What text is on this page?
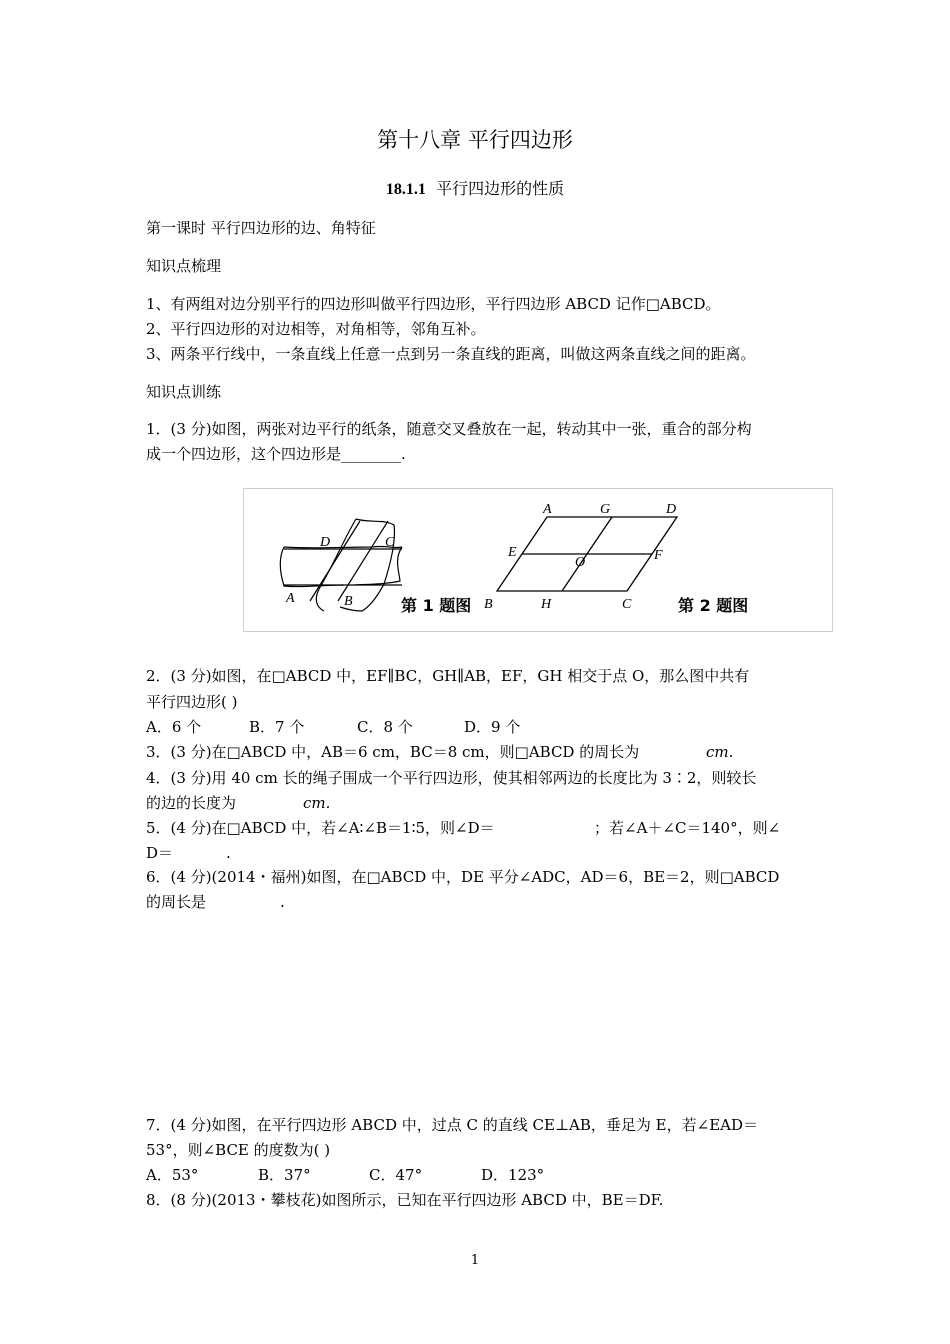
第十八章 平行四边形
18.1.1 平行四边形的性质
第一课时 平行四边形的边、角特征
知识点梳理
1、有两组对边分别平行的四边形叫做平行四边形，平行四边形 ABCD 记作□ABCD。
2、平行四边形的对边相等，对角相等，邻角互补。
3、两条平行线中，一条直线上任意一点到另一条直线的距离，叫做这两条直线之间的距离。
知识点训练
1．(3 分)如图，两张对边平行的纸条，随意交叉叠放在一起，转动其中一张，重合的部分构
成一个四边形，这个四边形是________.
D	C
A	B	第 1 题图
A	G	D
E
O	F
B	H	C	第 2 题图
2．(3 分)如图，在□ABCD 中，EF∥BC，GH∥AB，EF，GH 相交于点 O，那么图中共有
平行四边形( )
A．6 个	B．7 个	C．8 个	D．9 个
3．(3 分)在□ABCD 中，AB＝6 cm，BC＝8 cm，则□ABCD 的周长为	cm.
4．(3 分)用 40 cm 长的绳子围成一个平行四边形，使其相邻两边的长度比为 3∶2，则较长
的边的长度为	cm.
5．(4 分)在□ABCD 中，若∠A∶∠B＝1∶5，则∠D＝	；若∠A＋∠C＝140°，则∠
D＝	.
6．(4 分)(2014・福州)如图，在□ABCD 中，DE 平分∠ADC，AD＝6，BE＝2，则□ABCD
的周长是	.
7．(4 分)如图，在平行四边形 ABCD 中，过点 C 的直线 CE⊥AB，垂足为 E，若∠EAD＝
53°，则∠BCE 的度数为( )
A．53°	B．37°	C．47°	D．123°
8．(8 分)(2013・攀枝花)如图所示，已知在平行四边形 ABCD 中，BE＝DF.
1
